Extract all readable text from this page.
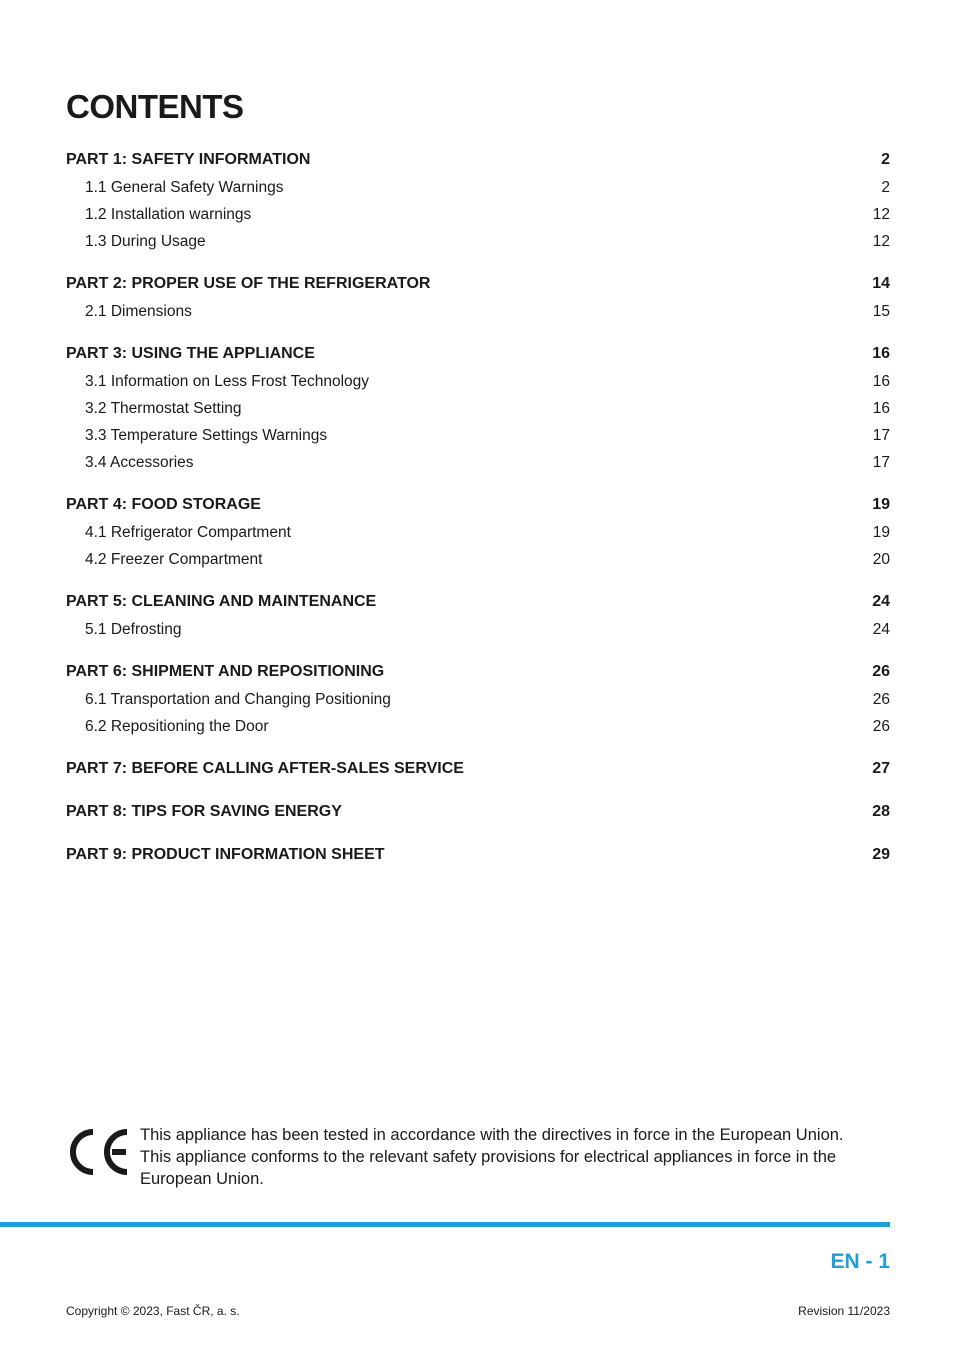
CONTENTS
PART 1: SAFETY INFORMATION .....	2
1.1 General Safety Warnings .....	2
1.2 Installation warnings .....	12
1.3 During Usage .....	12
PART 2: PROPER USE OF THE REFRIGERATOR .....	14
2.1 Dimensions .....	15
PART 3: USING THE APPLIANCE .....	16
3.1 Information on Less Frost Technology .....	16
3.2 Thermostat Setting .....	16
3.3 Temperature Settings Warnings .....	17
3.4 Accessories .....	17
PART 4: FOOD STORAGE .....	19
4.1 Refrigerator Compartment .....	19
4.2 Freezer Compartment .....	20
PART 5: CLEANING AND MAINTENANCE .....	24
5.1 Defrosting .....	24
PART 6: SHIPMENT AND REPOSITIONING .....	26
6.1 Transportation and Changing Positioning .....	26
6.2 Repositioning the Door .....	26
PART 7: BEFORE CALLING AFTER-SALES SERVICE .....	27
PART 8: TIPS FOR SAVING ENERGY .....	28
PART 9: PRODUCT INFORMATION SHEET .....	29

This appliance has been tested in accordance with the directives in force in the European Union.

This appliance conforms to the relevant safety provisions for electrical appliances in force in the European Union.

EN - 1
Copyright © 2023, Fast ČR, a. s.	Revision 11/2023
